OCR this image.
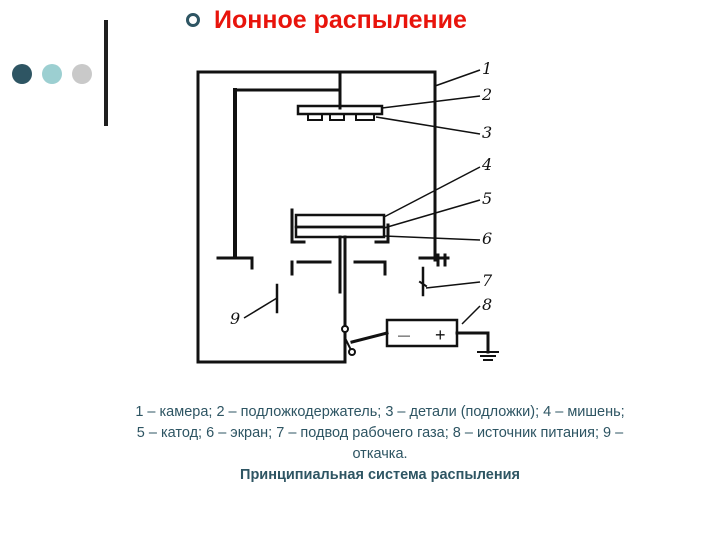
Ионное распыление
— +
1
2
3
4
5
6
7
8
9
1 – камера; 2 – подложкодержатель; 3 – детали (подложки); 4 – мишень;
5 – катод; 6 – экран; 7 – подвод рабочего газа; 8 – источник питания; 9 –
откачка.
Принципиальная система распыления
